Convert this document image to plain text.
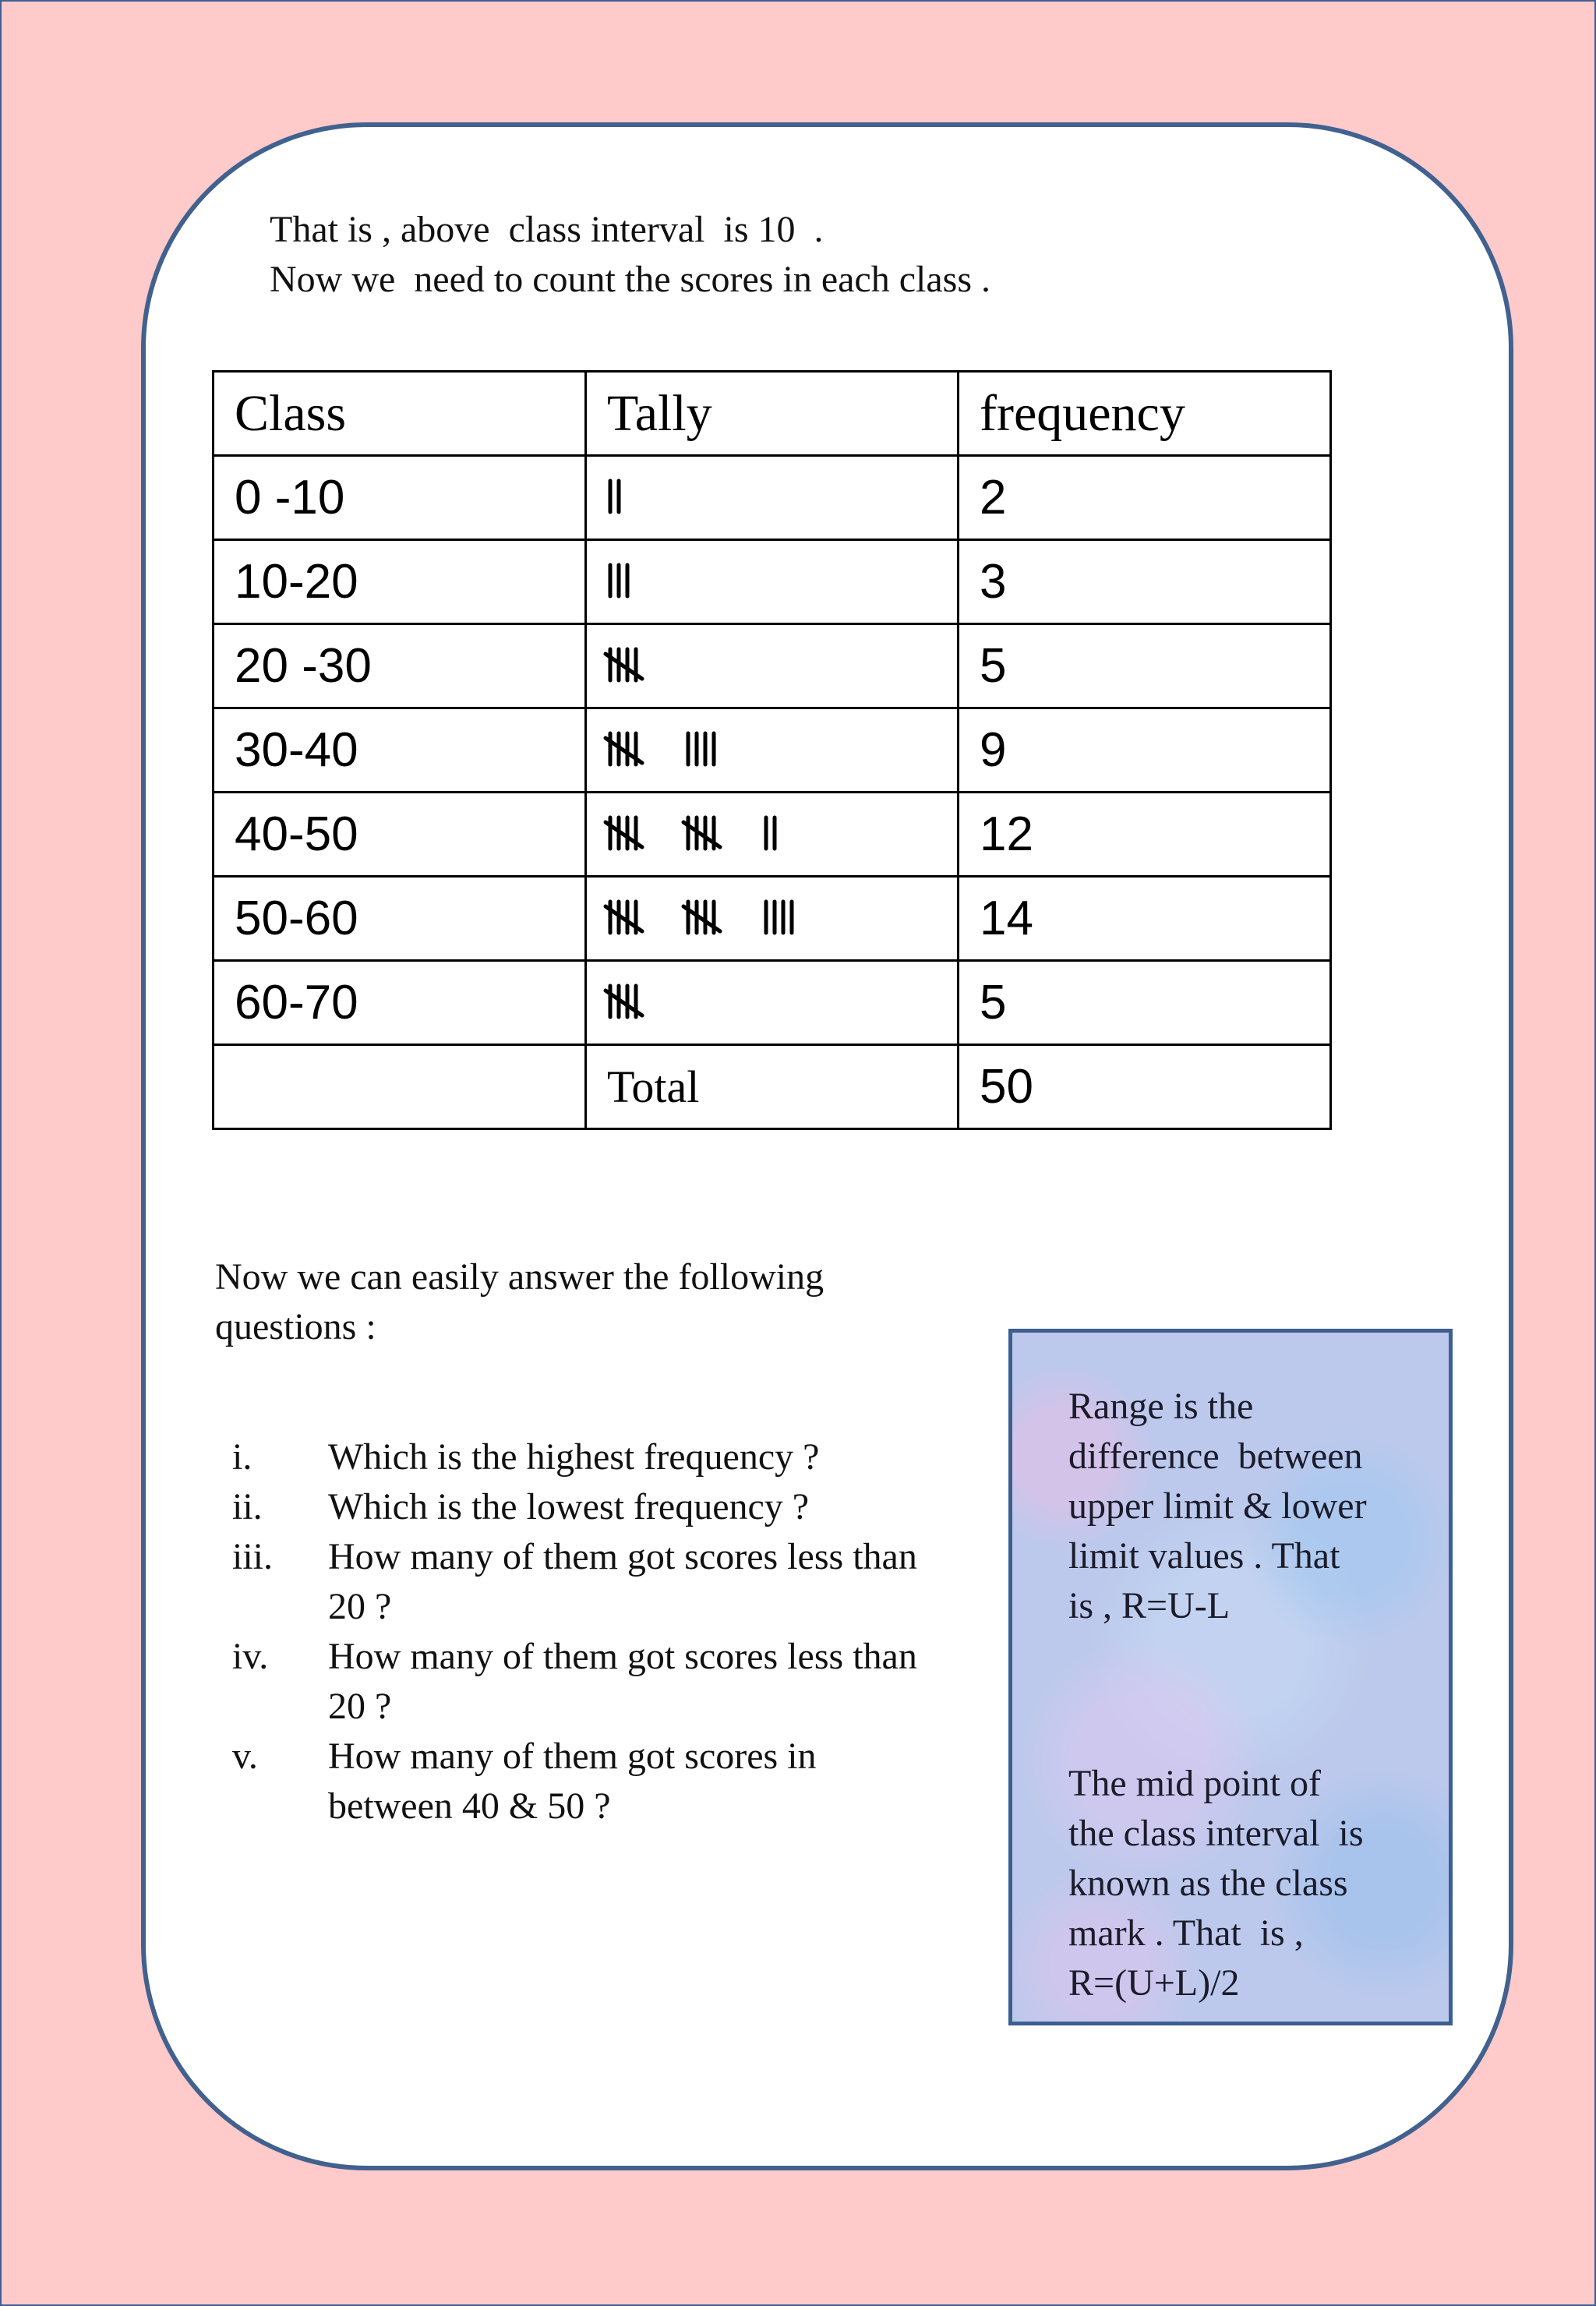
That is , above  class interval  is 10  .
Now we  need to count the scores in each class .
Class	Tally	frequency
0 -10		2
10-20		3
20 -30		5
30-40		9
40-50		12
50-60		14
60-70		5
	Total	50
Now we can easily answer the following questions :
i. Which is the highest frequency ?
ii. Which is the lowest frequency ?
iii. How many of them got scores less than 20 ?
iv. How many of them got scores less than 20 ?
v. How many of them got scores in between 40 & 50 ?
Range is the
difference  between
upper limit & lower
limit values . That
is , R=U-L
The mid point of
the class interval  is
known as the class
mark . That  is ,
R=(U+L)/2
